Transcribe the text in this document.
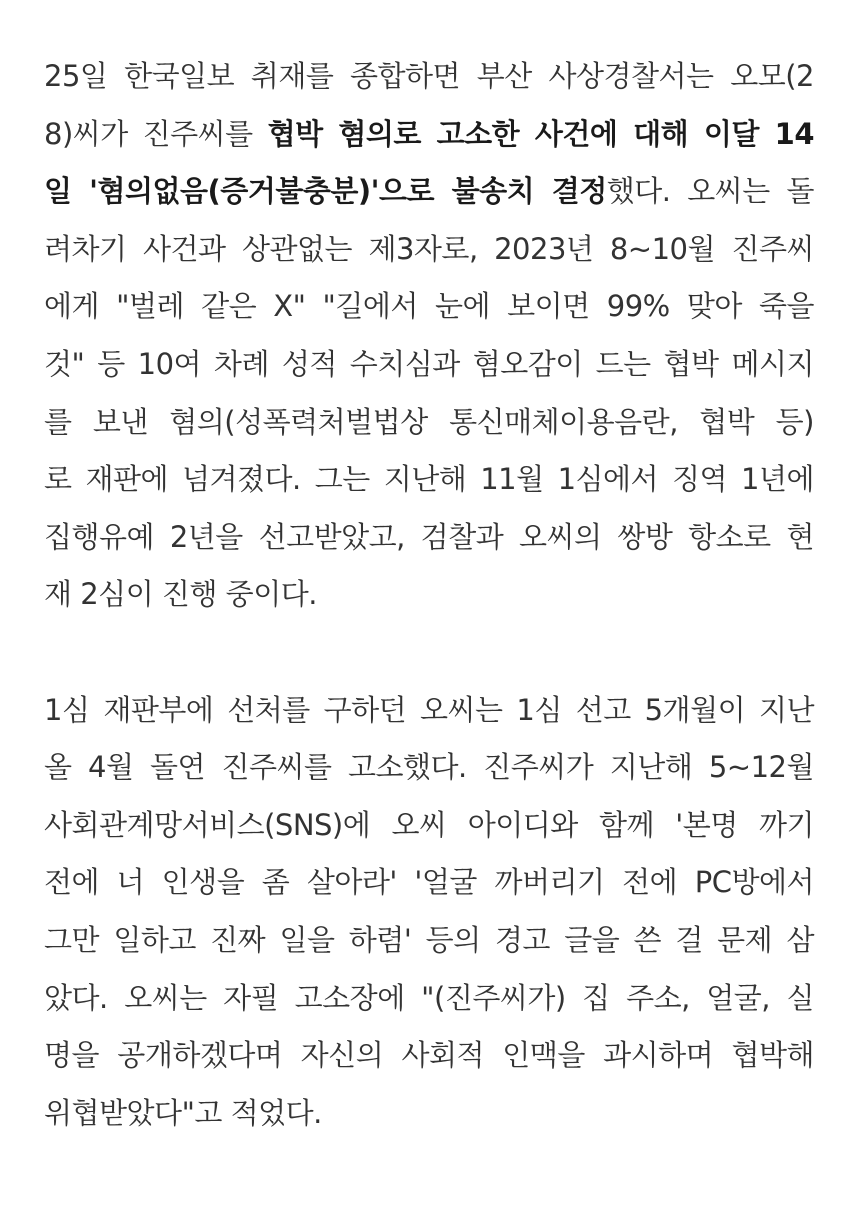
25일 한국일보 취재를 종합하면 부산 사상경찰서는 오모(2
8)씨가 진주씨를 협박 혐의로 고소한 사건에 대해 이달 14
일 '혐의없음(증거불충분)'으로 불송치 결정했다. 오씨는 돌
려차기 사건과 상관없는 제3자로, 2023년 8~10월 진주씨
에게 "벌레 같은 X" "길에서 눈에 보이면 99% 맞아 죽을
것" 등 10여 차례 성적 수치심과 혐오감이 드는 협박 메시지
를 보낸 혐의(성폭력처벌법상 통신매체이용음란, 협박 등)
로 재판에 넘겨졌다. 그는 지난해 11월 1심에서 징역 1년에
집행유예 2년을 선고받았고, 검찰과 오씨의 쌍방 항소로 현
재 2심이 진행 중이다.
1심 재판부에 선처를 구하던 오씨는 1심 선고 5개월이 지난
올 4월 돌연 진주씨를 고소했다. 진주씨가 지난해 5~12월
사회관계망서비스(SNS)에 오씨 아이디와 함께 '본명 까기
전에 너 인생을 좀 살아라' '얼굴 까버리기 전에 PC방에서
그만 일하고 진짜 일을 하렴' 등의 경고 글을 쓴 걸 문제 삼
았다. 오씨는 자필 고소장에 "(진주씨가) 집 주소, 얼굴, 실
명을 공개하겠다며 자신의 사회적 인맥을 과시하며 협박해
위협받았다"고 적었다.
